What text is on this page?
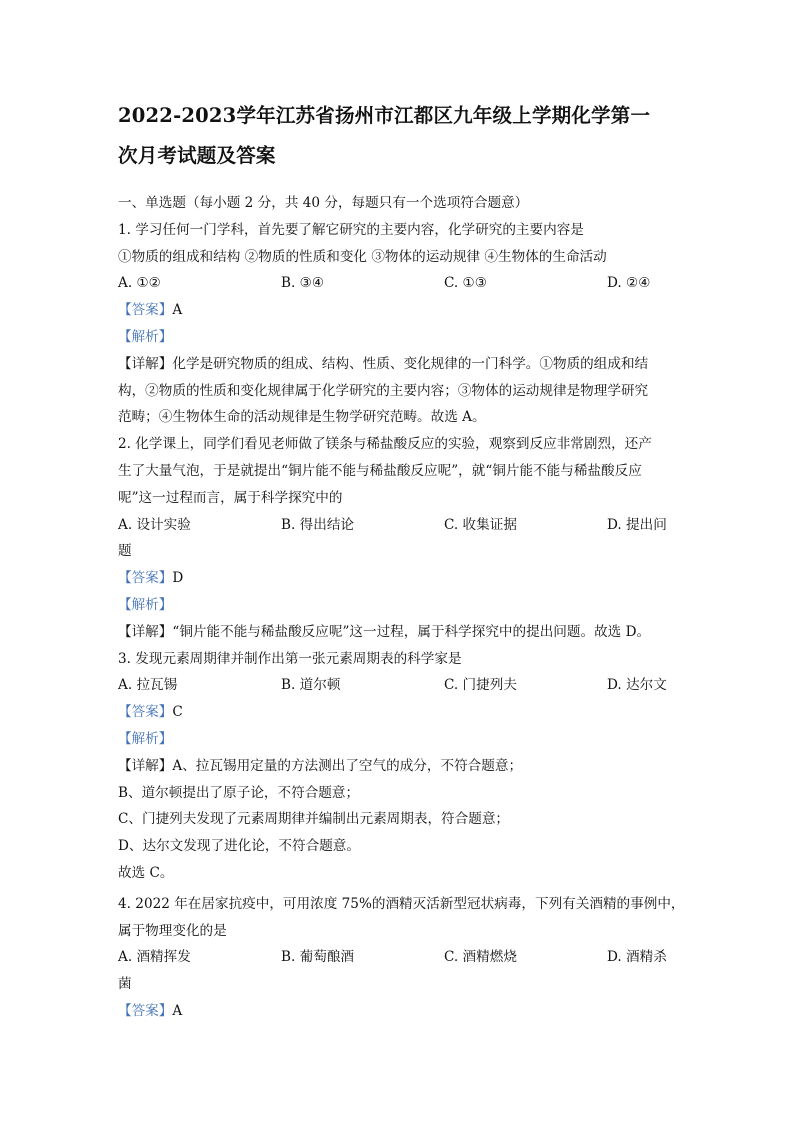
2022-2023学年江苏省扬州市江都区九年级上学期化学第一
次月考试题及答案

一、单选题（每小题 2 分，共 40 分，每题只有一个选项符合题意）

1. 学习任何一门学科，首先要了解它研究的主要内容，化学研究的主要内容是

①物质的组成和结构 ②物质的性质和变化 ③物体的运动规律 ④生物体的生命活动

A. ①②	B. ③④	C. ①③	D. ②④

【答案】A

【解析】

【详解】化学是研究物质的组成、结构、性质、变化规律的一门科学。①物质的组成和结

构，②物质的性质和变化规律属于化学研究的主要内容；③物体的运动规律是物理学研究

范畴；④生物体生命的活动规律是生物学研究范畴。故选 A。

2. 化学课上，同学们看见老师做了镁条与稀盐酸反应的实验，观察到反应非常剧烈，还产

生了大量气泡，于是就提出“铜片能不能与稀盐酸反应呢”，就“铜片能不能与稀盐酸反应

呢”这一过程而言，属于科学探究中的

A. 设计实验	B. 得出结论	C. 收集证据	D. 提出问

题

【答案】D

【解析】

【详解】“铜片能不能与稀盐酸反应呢”这一过程，属于科学探究中的提出问题。故选 D。

3. 发现元素周期律并制作出第一张元素周期表的科学家是

A. 拉瓦锡	B. 道尔顿	C. 门捷列夫	D. 达尔文

【答案】C

【解析】

【详解】A、拉瓦锡用定量的方法测出了空气的成分，不符合题意；

B、道尔顿提出了原子论，不符合题意；

C、门捷列夫发现了元素周期律并编制出元素周期表，符合题意；

D、达尔文发现了进化论，不符合题意。

故选 C。

4. 2022 年在居家抗疫中，可用浓度 75%的酒精灭活新型冠状病毒，下列有关酒精的事例中，

属于物理变化的是

A. 酒精挥发	B. 葡萄酿酒	C. 酒精燃烧	D. 酒精杀

菌

【答案】A
